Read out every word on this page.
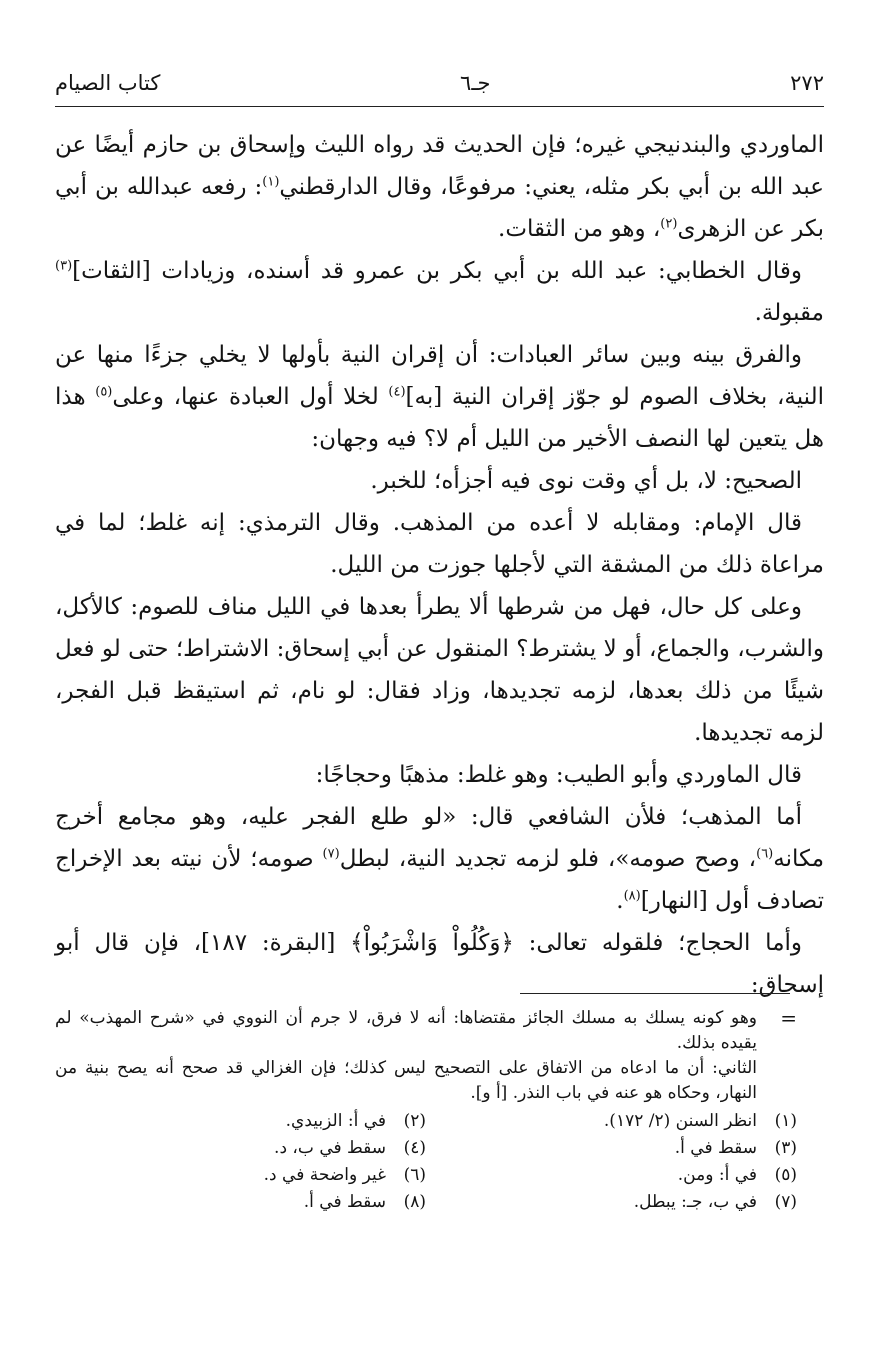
٢٧٢
جـ٦
كتاب الصيام

الماوردي والبندنيجي غيره؛ فإن الحديث قد رواه الليث وإسحاق بن حازم أيضًا عن عبد الله بن أبي بكر مثله، يعني: مرفوعًا، وقال الدارقطني$^{(١)}$: رفعه عبدالله بن أبي بكر عن الزهرى$^{(٢)}$، وهو من الثقات.

وقال الخطابي: عبد الله بن أبي بكر بن عمرو قد أسنده، وزيادات [الثقات]$^{(٣)}$ مقبولة.

والفرق بينه وبين سائر العبادات: أن إقران النية بأولها لا يخلي جزءًا منها عن النية، بخلاف الصوم لو جوّز إقران النية [به]$^{(٤)}$ لخلا أول العبادة عنها، وعلى$^{(٥)}$ هذا هل يتعين لها النصف الأخير من الليل أم لا؟ فيه وجهان:

الصحيح: لا، بل أي وقت نوى فيه أجزأه؛ للخبر.

قال الإمام: ومقابله لا أعده من المذهب. وقال الترمذي: إنه غلط؛ لما في مراعاة ذلك من المشقة التي لأجلها جوزت من الليل.

وعلى كل حال، فهل من شرطها ألا يطرأ بعدها في الليل مناف للصوم: كالأكل، والشرب، والجماع، أو لا يشترط؟ المنقول عن أبي إسحاق: الاشتراط؛ حتى لو فعل شيئًا من ذلك بعدها، لزمه تجديدها، وزاد فقال: لو نام، ثم استيقظ قبل الفجر، لزمه تجديدها.

قال الماوردي وأبو الطيب: وهو غلط: مذهبًا وحجاجًا:

أما المذهب؛ فلأن الشافعي قال: «لو طلع الفجر عليه، وهو مجامع أخرج مكانه$^{(٦)}$، وصح صومه»، فلو لزمه تجديد النية، لبطل$^{(٧)}$ صومه؛ لأن نيته بعد الإخراج تصادف أول [النهار]$^{(٨)}$.

وأما الحجاج؛ فلقوله تعالى: ﴿وَكُلُواْ وَاشْرَبُواْ﴾ [البقرة: ١٨٧]، فإن قال أبو إسحاق:

=
وهو كونه يسلك به مسلك الجائز مقتضاها: أنه لا فرق، لا جرم أن النووي في «شرح المهذب» لم يقيده بذلك.

الثاني: أن ما ادعاه من الاتفاق على التصحيح ليس كذلك؛ فإن الغزالي قد صحح أنه يصح بنية من النهار، وحكاه هو عنه في باب النذر. [أ و].

(١)انظر السنن (٢/ ١٧٢).	(٢)في أ: الزبيدي.
(٣)سقط في أ.	(٤)سقط في ب، د.
(٥)في أ: ومن.	(٦)غير واضحة في د.
(٧)في ب، جـ: يبطل.	(٨)سقط في أ.
